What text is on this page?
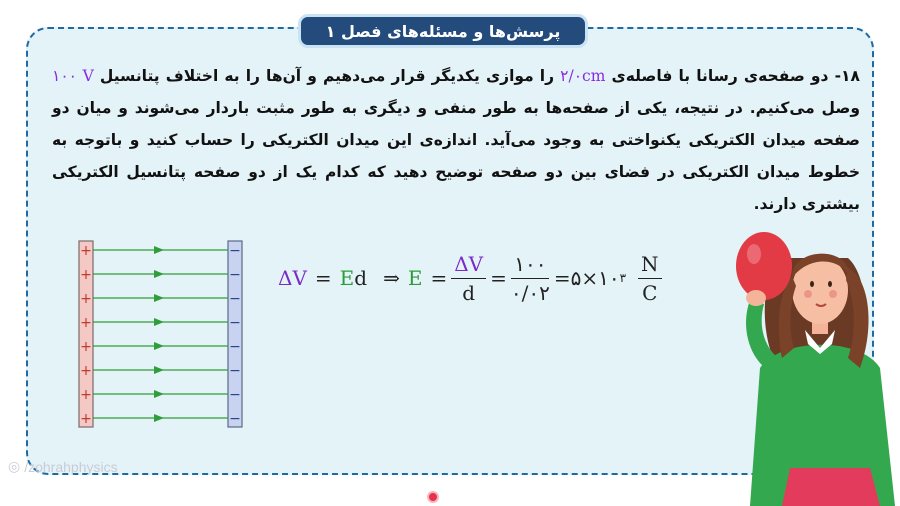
پرسش‌ها و مسئله‌های فصل ۱
۱۸- دو صفحه‌ی رسانا با فاصله‌ی ۲/۰cm را موازی یکدیگر قرار می‌دهیم و آن‌ها را به اختلاف پتانسیل ۱۰۰ V وصل می‌کنیم. در نتیجه، یکی از صفحه‌ها به طور منفی و دیگری به طور مثبت باردار می‌شوند و میان دو صفحه میدان الکتریکی یکنواختی به وجود می‌آید. اندازه‌ی این میدان الکتریکی را حساب کنید و باتوجه به خطوط میدان الکتریکی در فضای بین دو صفحه توضیح دهید که کدام یک از دو صفحه پتانسیل الکتریکی بیشتری دارند.
+	−
+	−
+	−
+	−
+	−
+	−
+	−
+	−
ΔV = E d ⇒ $E = \frac{\Delta V}{d} = \frac{۱۰۰}{۰/۰۲}$ = ۵×۱۰ ۳ $\frac{N}{C}$
◎ /zohrahphysics
